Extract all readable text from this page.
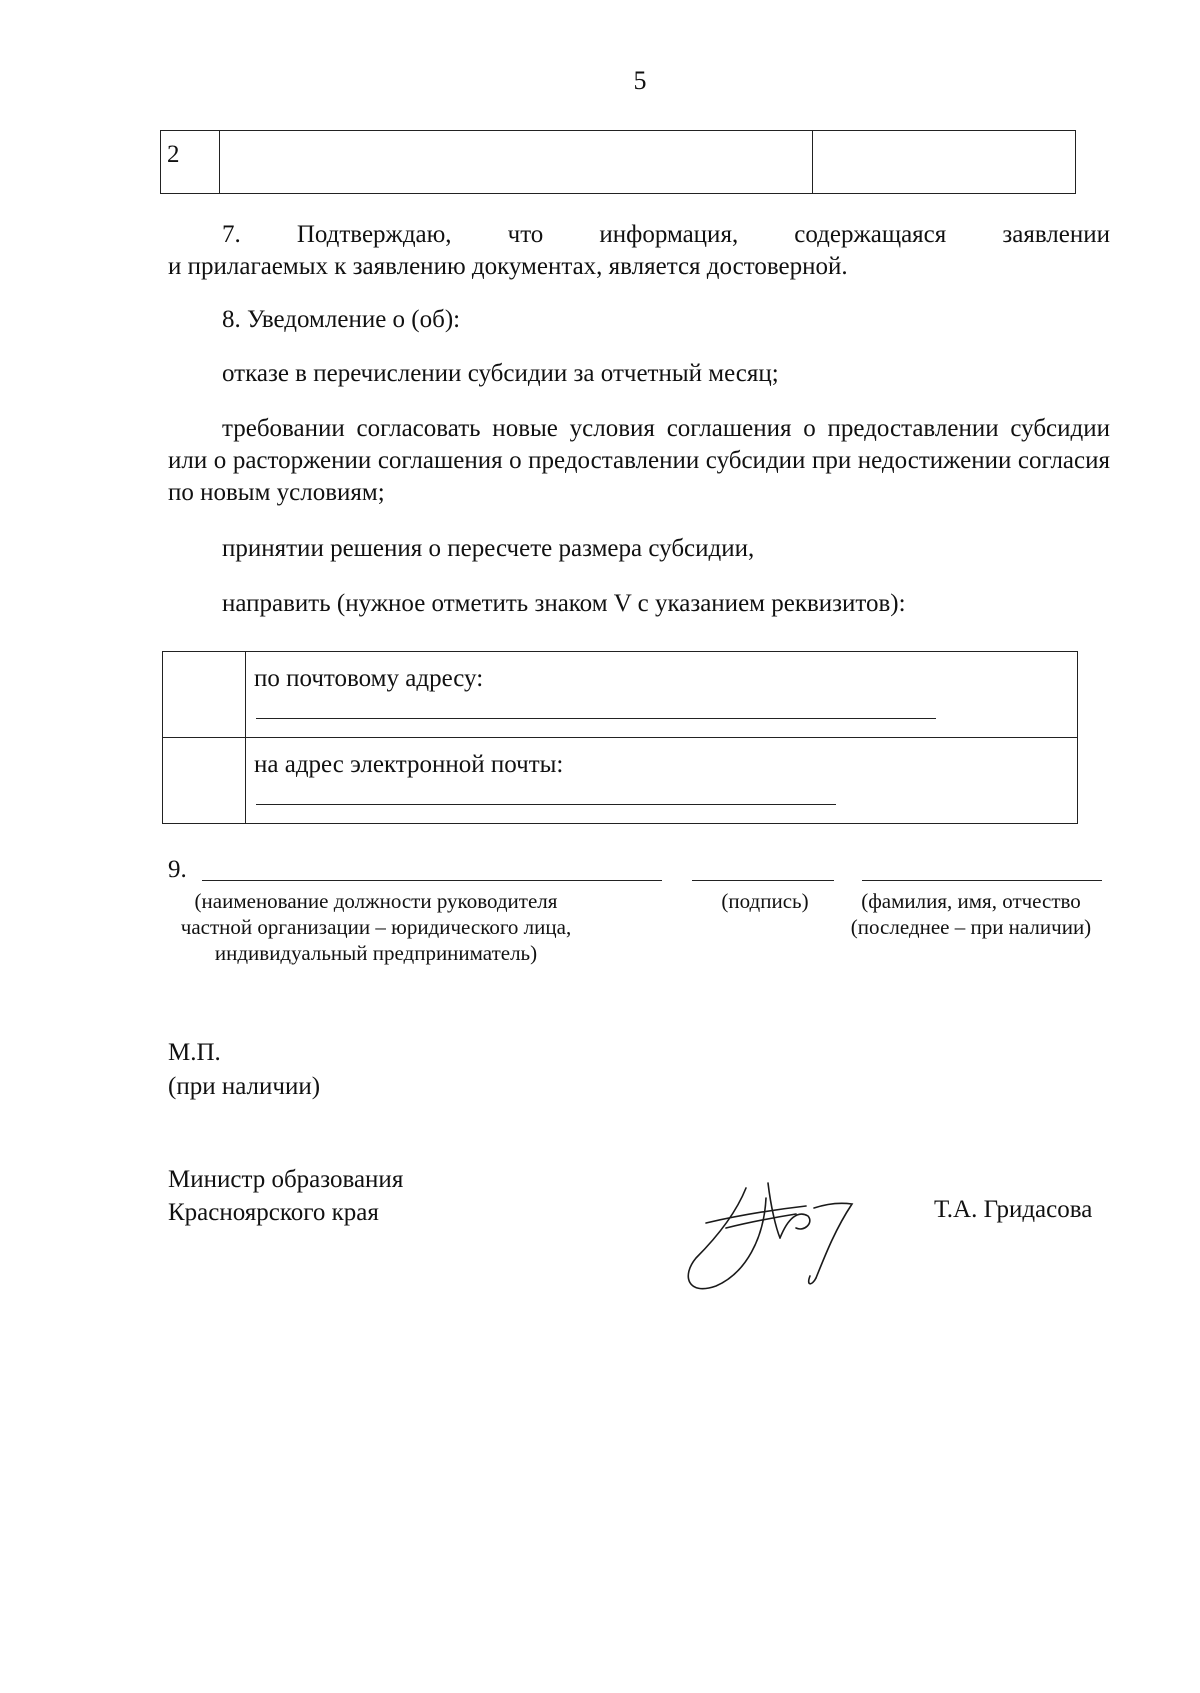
5
2		
7. Подтверждаю, что информация, содержащаяся заявлении
и прилагаемых к заявлению документах, является достоверной.

8. Уведомление о (об):

отказе в перечислении субсидии за отчетный месяц;

требовании согласовать новые условия соглашения о предоставлении субсидии или о расторжении соглашения о предоставлении субсидии при недостижении согласия по новым условиям;

принятии решения о пересчете размера субсидии,

направить (нужное отметить знаком V с указанием реквизитов):

	по почтовому адресу:

	на адрес электронной почты:
9.
(наименование должности руководителя частной организации – юридического лица, индивидуальный предприниматель)
(подпись)	(фамилия, имя, отчество (последнее – при наличии)
М.П.
(при наличии)
Министр образования
Красноярского края	Т.А. Гридасова
